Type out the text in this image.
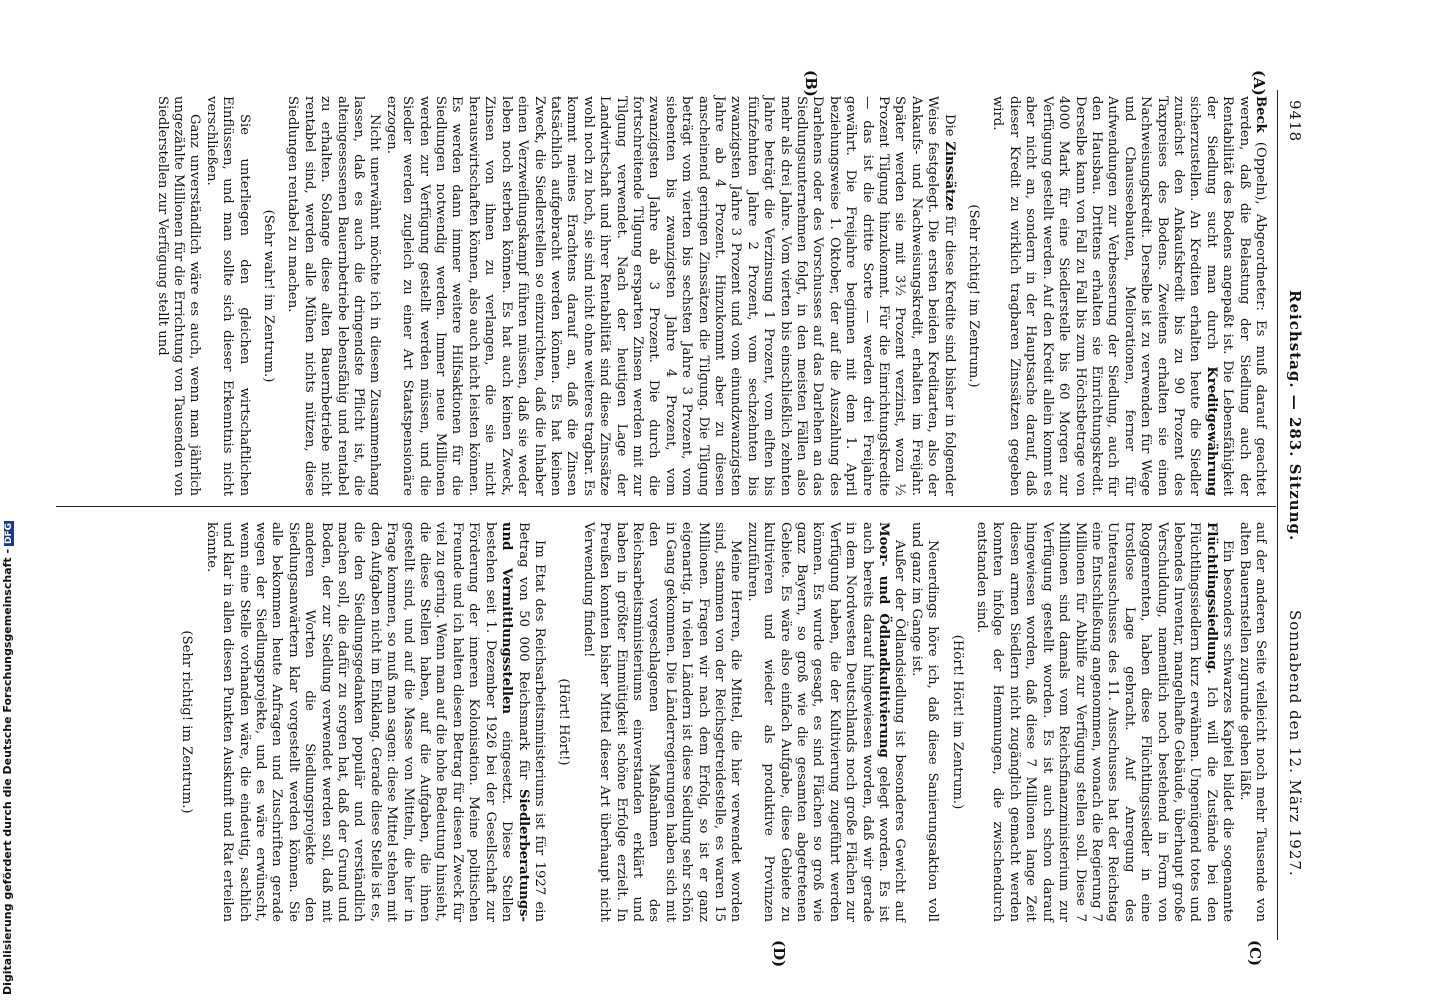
9418
Reichstag. — 283. Sitzung.
Sonnabend den 12. März 1927.
(A)
(B)
(C)
(D)

Beck (Oppeln), Abgeordneter: Es muß darauf geachtet werden, daß die Belastung der Siedlung auch der Rentabilität des Bodens angepaßt ist. Die Lebensfähigkeit der Siedlung sucht man durch Kreditgewährung sicherzustellen. An Krediten erhalten heute die Siedler zunächst den Ankaufskredit bis zu 90 Prozent des Taxpreises des Bodens. Zweitens erhalten sie einen Nachweisungskredit. Derselbe ist zu verwenden für Wege und Chausseebauten, Meliorationen, ferner für Aufwendungen zur Verbesserung der Siedlung, auch für den Hausbau. Drittens erhalten sie Einrichtungskredit. Derselbe kann von Fall zu Fall bis zum Höchstbetrage von 4000 Mark für eine Siedlerstelle bis 60 Morgen zur Verfügung gestellt werden. Auf den Kredit allein kommt es aber nicht an, sondern in der Hauptsache darauf, daß dieser Kredit zu wirklich tragbaren Zinssätzen gegeben wird.

(Sehr richtig! im Zentrum.)

Die Zinssätze für diese Kredite sind bisher in folgender Weise festgelegt. Die ersten beiden Kreditarten, also der Ankaufs- und Nachweisungskredit, erhalten im Freijahr. Später werden sie mit 3½ Prozent verzinst, wozu ½ Prozent Tilgung hinzukommt. Für die Einrichtungskredite — das ist die dritte Sorte — werden drei Freijahre gewährt. Die Freijahre beginnen mit dem 1. April beziehungsweise 1. Oktober, der auf die Auszahlung des Darlehens oder des Vorschusses auf das Darlehen an das Siedlungsunternehmen folgt, in den meisten Fällen also mehr als drei Jahre. Vom vierten bis einschließlich zehnten Jahre beträgt die Verzinsung 1 Prozent, vom elften bis fünfzehnten Jahre 2 Prozent, vom sechzehnten bis zwanzigsten Jahre 3 Prozent und vom einundzwanzigsten Jahre ab 4 Prozent. Hinzukommt aber zu diesen anscheinend geringen Zinssätzen die Tilgung. Die Tilgung beträgt vom vierten bis sechsten Jahre 3 Prozent, vom siebenten bis zwanzigsten Jahre 4 Prozent, vom zwanzigsten Jahre ab 3 Prozent. Die durch die fortschreitende Tilgung ersparten Zinsen werden mit zur Tilgung verwendet. Nach der heutigen Lage der Landwirtschaft und ihrer Rentabilität sind diese Zinssätze wohl noch zu hoch, sie sind nicht ohne weiteres tragbar. Es kommt meines Erachtens darauf an, daß die Zinsen tatsächlich aufgebracht werden können. Es hat keinen Zweck, die Siedlerstellen so einzurichten, daß die Inhaber einen Verzweiflungskampf führen müssen, daß sie weder leben noch sterben können. Es hat auch keinen Zweck, Zinsen von ihnen zu verlangen, die sie nicht herauswirtschaften können, also auch nicht leisten können. Es werden dann immer weitere Hilfsaktionen für die Siedlungen notwendig werden. Immer neue Millionen werden zur Verfügung gestellt werden müssen, und die Siedler werden zugleich zu einer Art Staatspensionäre erzogen.

Nicht unerwähnt möchte ich in diesem Zusammenhang lassen, daß es auch die dringendste Pflicht ist, die alteingesessenen Bauernbetriebe lebensfähig und rentabel zu erhalten. Solange diese alten Bauernbetriebe nicht rentabel sind, werden alle Mühen nichts nützen, diese Siedlungen rentabel zu machen.

(Sehr wahr! im Zentrum.)

Sie unterliegen den gleichen wirtschaftlichen Einflüssen, und man sollte sich dieser Erkenntnis nicht verschließen.

Ganz unverständlich wäre es auch, wenn man jährlich ungezählte Millionen für die Errichtung von Tausenden von Siedlerstellen zur Verfügung stellt und

auf der anderen Seite vielleicht noch mehr Tausende von alten Bauernstellen zugrunde gehen läßt.

Ein besonders schwarzes Kapitel bildet die sogenannte Flüchtlingssiedlung. Ich will die Zustände bei den Flüchtlingssiedlern kurz erwähnen. Ungenügend totes und lebendes Inventar, mangelhafte Gebäude, überhaupt große Verschuldung, namentlich noch bestehend in Form von Roggenrenten, haben diese Flüchtlingssiedler in eine trostlose Lage gebracht. Auf Anregung des Unterausschusses des 11. Ausschusses hat der Reichstag eine Entschließung angenommen, wonach die Regierung 7 Millionen für Abhilfe zur Verfügung stellen soll. Diese 7 Millionen sind damals vom Reichsfinanzministerium zur Verfügung gestellt worden. Es ist auch schon darauf hingewiesen worden, daß diese 7 Millionen lange Zeit diesen armen Siedlern nicht zugänglich gemacht werden konnten infolge der Hemmungen, die zwischendurch entstanden sind.

(Hört! Hört! im Zentrum.)

Neuerdings höre ich, daß diese Sanierungsaktion voll und ganz im Gange ist.

Außer der Ödlandsiedlung ist besonderes Gewicht auf Moor- und Ödlandkultivierung gelegt worden. Es ist auch bereits darauf hingewiesen worden, daß wir gerade in dem Nordwesten Deutschlands noch große Flächen zur Verfügung haben, die der Kultivierung zugeführt werden können. Es wurde gesagt, es sind Flächen so groß wie ganz Bayern, so groß wie die gesamten abgetretenen Gebiete. Es wäre also einfach Aufgabe, diese Gebiete zu kultivieren und wieder als produktive Provinzen zuzuführen.

Meine Herren, die Mittel, die hier verwendet worden sind, stammen von der Reichsgetreidestelle, es waren 15 Millionen. Fragen wir nach dem Erfolg, so ist er ganz eigenartig. In vielen Ländern ist diese Siedlung sehr schön in Gang gekommen. Die Länderregierungen haben sich mit den vorgeschlagenen Maßnahmen des Reichsarbeitsministeriums einverstanden erklärt und haben in größter Einmütigkeit schöne Erfolge erzielt. In Preußen konnten bisher Mittel dieser Art überhaupt nicht Verwendung finden!

(Hört! Hört!)

Im Etat des Reichsarbeitsministeriums ist für 1927 ein Betrag von 50 000 Reichsmark für Siedlerberatungs- und Vermittlungsstellen eingesetzt. Diese Stellen bestehen seit 1. Dezember 1926 bei der Gesellschaft zur Förderung der inneren Kolonisation. Meine politischen Freunde und ich halten diesen Betrag für diesen Zweck für viel zu gering. Wenn man auf die hohe Bedeutung hinsieht, die diese Stellen haben, auf die Aufgaben, die ihnen gestellt sind, und auf die Masse von Mitteln, die hier in Frage kommen, so muß man sagen: diese Mittel stehen mit den Aufgaben nicht im Einklang. Gerade diese Stelle ist es, die den Siedlungsgedanken populär und verständlich machen soll, die dafür zu sorgen hat, daß der Grund und Boden, der zur Siedlung verwendet werden soll, daß mit anderen Worten die Siedlungsprojekte den Siedlungsanwärtern klar vorgestellt werden können. Sie alle bekommen heute Anfragen und Zuschriften gerade wegen der Siedlungsprojekte, und es wäre erwünscht, wenn eine Stelle vorhanden wäre, die eindeutig, sachlich und klar in allen diesen Punkten Auskunft und Rat erteilen könnte.

(Sehr richtig! im Zentrum.)

Digitalisierung gefördert durch die Deutsche Forschungsgemeinschaft -DFG
